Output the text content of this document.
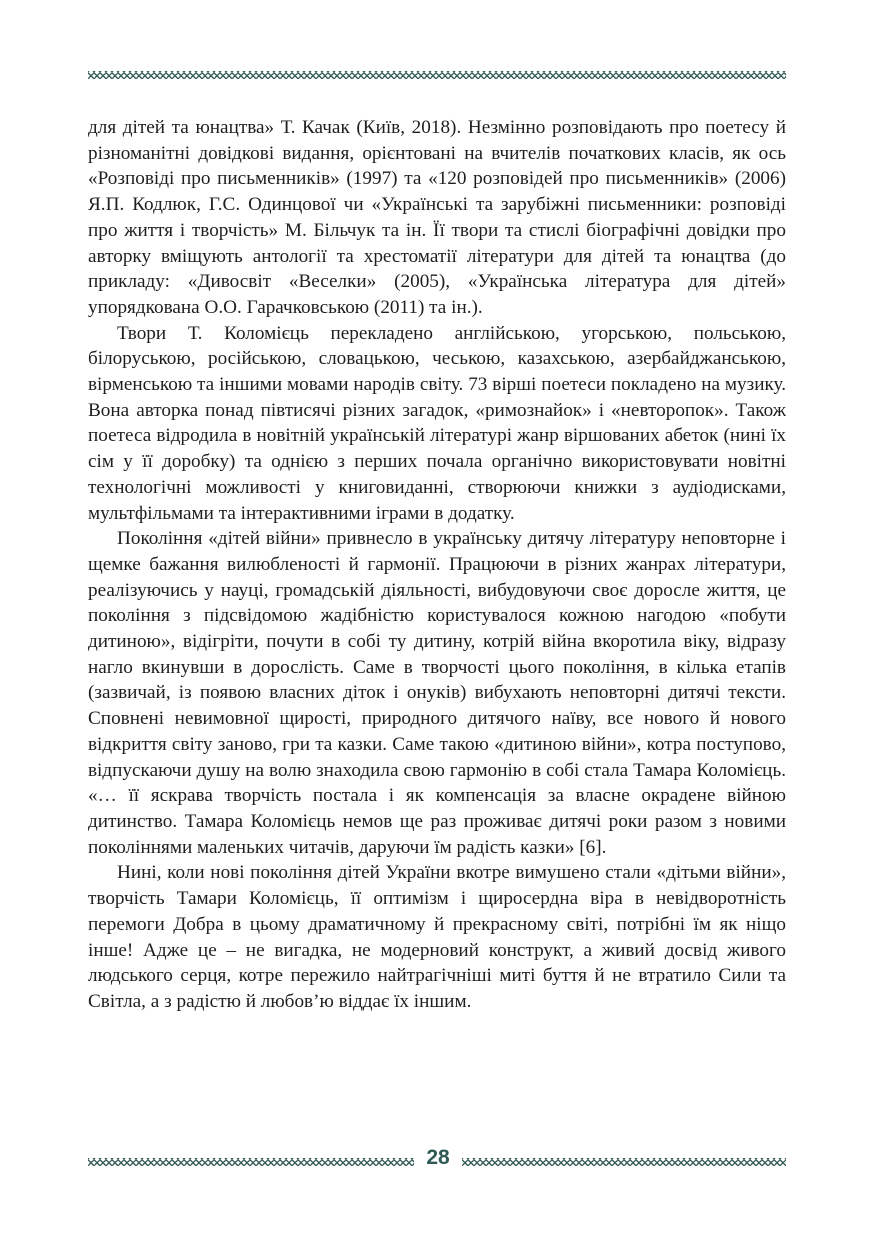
для дітей та юнацтва» Т. Качак (Київ, 2018). Незмінно розповідають про поетесу й різноманітні довідкові видання, орієнтовані на вчителів початкових класів, як ось «Розповіді про письменників» (1997) та «120 розповідей про письменників» (2006) Я.П. Кодлюк, Г.С. Одинцової чи «Українські та зарубіжні письменники: розповіді про життя і творчість» М. Більчук та ін. Її твори та стислі біографічні довідки про авторку вміщують антології та хрестоматії літератури для дітей та юнацтва (до прикладу: «Дивосвіт «Веселки» (2005), «Українська література для дітей» упорядкована О.О. Гарачковською (2011) та ін.).

Твори Т. Коломієць перекладено англійською, угорською, польською, білоруською, російською, словацькою, чеською, казахською, азербайджанською, вірменською та іншими мовами народів світу. 73 вірші поетеси покладено на музику. Вона авторка понад півтисячі різних загадок, «римознайок» і «невторопок». Також поетеса відродила в новітній українській літературі жанр віршованих абеток (нині їх сім у її доробку) та однією з перших почала органічно використовувати новітні технологічні можливості у книговиданні, створюючи книжки з аудіодисками, мультфільмами та інтерактивними іграми в додатку.

Покоління «дітей війни» привнесло в українську дитячу літературу неповторне і щемке бажання вилюбленості й гармонії. Працюючи в різних жанрах літератури, реалізуючись у науці, громадській діяльності, вибудовуючи своє доросле життя, це покоління з підсвідомою жадібністю користувалося кожною нагодою «побути дитиною», відігріти, почути в собі ту дитину, котрій війна вкоротила віку, відразу нагло вкинувши в дорослість. Саме в творчості цього покоління, в кілька етапів (зазвичай, із появою власних діток і онуків) вибухають неповторні дитячі тексти. Сповнені невимовної щирості, природного дитячого наїву, все нового й нового відкриття світу заново, гри та казки. Саме такою «дитиною війни», котра поступово, відпускаючи душу на волю знаходила свою гармонію в собі стала Тамара Коломієць. «… її яскрава творчість постала і як компенсація за власне окрадене війною дитинство. Тамара Коломієць немов ще раз проживає дитячі роки разом з новими поколіннями маленьких читачів, даруючи їм радість казки» [6].

Нині, коли нові покоління дітей України вкотре вимушено стали «дітьми війни», творчість Тамари Коломієць, її оптимізм і щиросердна віра в невідворотність перемоги Добра в цьому драматичному й прекрасному світі, потрібні їм як ніщо інше! Адже це – не вигадка, не модерновий конструкт, а живий досвід живого людського серця, котре пережило найтрагічніші миті буття й не втратило Сили та Світла, а з радістю й любов’ю віддає їх іншим.

28
